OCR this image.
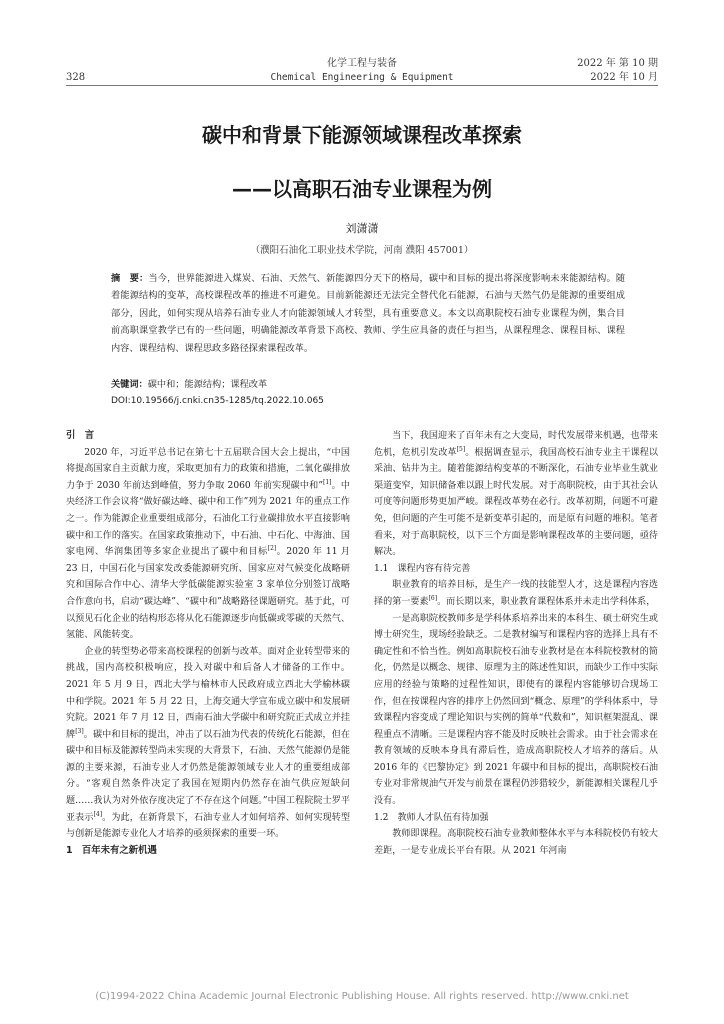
328
化学工程与装备
Chemical Engineering & Equipment
2022 年 第 10 期
2022 年 10 月
碳中和背景下能源领域课程改革探索
——以高职石油专业课程为例
刘潇潇
（濮阳石油化工职业技术学院，河南 濮阳 457001）
摘　要：当今，世界能源进入煤炭、石油、天然气、新能源四分天下的格局，碳中和目标的提出将深度影响未来能源结构。随着能源结构的变革，高校课程改革的推进不可避免。目前新能源还无法完全替代化石能源，石油与天然气仍是能源的重要组成部分，因此，如何实现从培养石油专业人才向能源领域人才转型，具有重要意义。本文以高职院校石油专业课程为例，集合目前高职课堂教学已有的一些问题，明确能源改革背景下高校、教师、学生应具备的责任与担当，从课程理念、课程目标、课程内容、课程结构、课程思政多路径探索课程改革。
关键词：碳中和；能源结构；课程改革
DOI:10.19566/j.cnki.cn35-1285/tq.2022.10.065
引　言

2020 年，习近平总书记在第七十五届联合国大会上提出，“中国将提高国家自主贡献力度，采取更加有力的政策和措施，二氧化碳排放力争于 2030 年前达到峰值，努力争取 2060 年前实现碳中和”[1]。中央经济工作会议将“做好碳达峰、碳中和工作”列为 2021 年的重点工作之一。作为能源企业重要组成部分，石油化工行业碳排放水平直接影响碳中和工作的落实。在国家政策推动下，中石油、中石化、中海油、国家电网、华润集团等多家企业提出了碳中和目标[2]。2020 年 11 月 23 日，中国石化与国家发改委能源研究所、国家应对气候变化战略研究和国际合作中心、清华大学低碳能源实验室 3 家单位分别签订战略合作意向书，启动“碳达峰”、“碳中和”战略路径课题研究。基于此，可以预见石化企业的结构形态将从化石能源逐步向低碳或零碳的天然气、氢能、风能转变。

企业的转型势必带来高校课程的创新与改革。面对企业转型带来的挑战，国内高校积极响应，投入对碳中和后备人才储备的工作中。2021 年 5 月 9 日，西北大学与榆林市人民政府成立西北大学榆林碳中和学院。2021 年 5 月 22 日，上海交通大学宣布成立碳中和发展研究院。2021 年 7 月 12 日，西南石油大学碳中和研究院正式成立并挂牌[3]。碳中和目标的提出，冲击了以石油为代表的传统化石能源，但在碳中和目标及能源转型尚未实现的大背景下，石油、天然气能源仍是能源的主要来源，石油专业人才仍然是能源领域专业人才的重要组成部分。“客观自然条件决定了我国在短期内仍然存在油气供应短缺问题……我认为对外依存度决定了不存在这个问题。”中国工程院院士罗平亚表示[4]。为此，在新背景下，石油专业人才如何培养、如何实现转型与创新是能源专业化人才培养的亟须探索的重要一环。

1　百年未有之新机遇

当下，我国迎来了百年未有之大变局，时代发展带来机遇，也带来危机，危机引发改革[5]。根据调查显示，我国高校石油专业主干课程以采油、钻井为主。随着能源结构变革的不断深化，石油专业毕业生就业渠道变窄，知识储备难以跟上时代发展。对于高职院校，由于其社会认可度等问题形势更加严峻。课程改革势在必行。改革初期，问题不可避免，但问题的产生可能不是新变革引起的，而是原有问题的堆积。笔者看来，对于高职院校，以下三个方面是影响课程改革的主要问题，亟待解决。

1.1　课程内容有待完善

职业教育的培养目标，是生产一线的技能型人才，这是课程内容选择的第一要素[6]。而长期以来，职业教育课程体系并未走出学科体系，

一是高职院校教师多是学科体系培养出来的本科生、硕士研究生或博士研究生，现场经验缺乏。二是教材编写和课程内容的选择上具有不确定性和不恰当性。例如高职院校石油专业教材是在本科院校教材的简化，仍然是以概念、规律、原理为主的陈述性知识，而缺少工作中实际应用的经验与策略的过程性知识，即使有的课程内容能够切合现场工作，但在按课程内容的排序上仍然回到“概念、原理”的学科体系中，导致课程内容变成了理论知识与实例的简单“代数和”，知识框架混乱、课程重点不清晰。三是课程内容不能及时反映社会需求。由于社会需求在教育领域的反映本身具有滞后性，造成高职院校人才培养的落后。从 2016 年的《巴黎协定》到 2021 年碳中和目标的提出，高职院校石油专业对非常规油气开发与前景在课程仍涉猎较少，新能源相关课程几乎没有。

1.2　教师人才队伍有待加强

教师即课程。高职院校石油专业教师整体水平与本科院校仍有较大差距，一是专业成长平台有限。从 2021 年河南

(C)1994-2022 China Academic Journal Electronic Publishing House. All rights reserved. http://www.cnki.net
